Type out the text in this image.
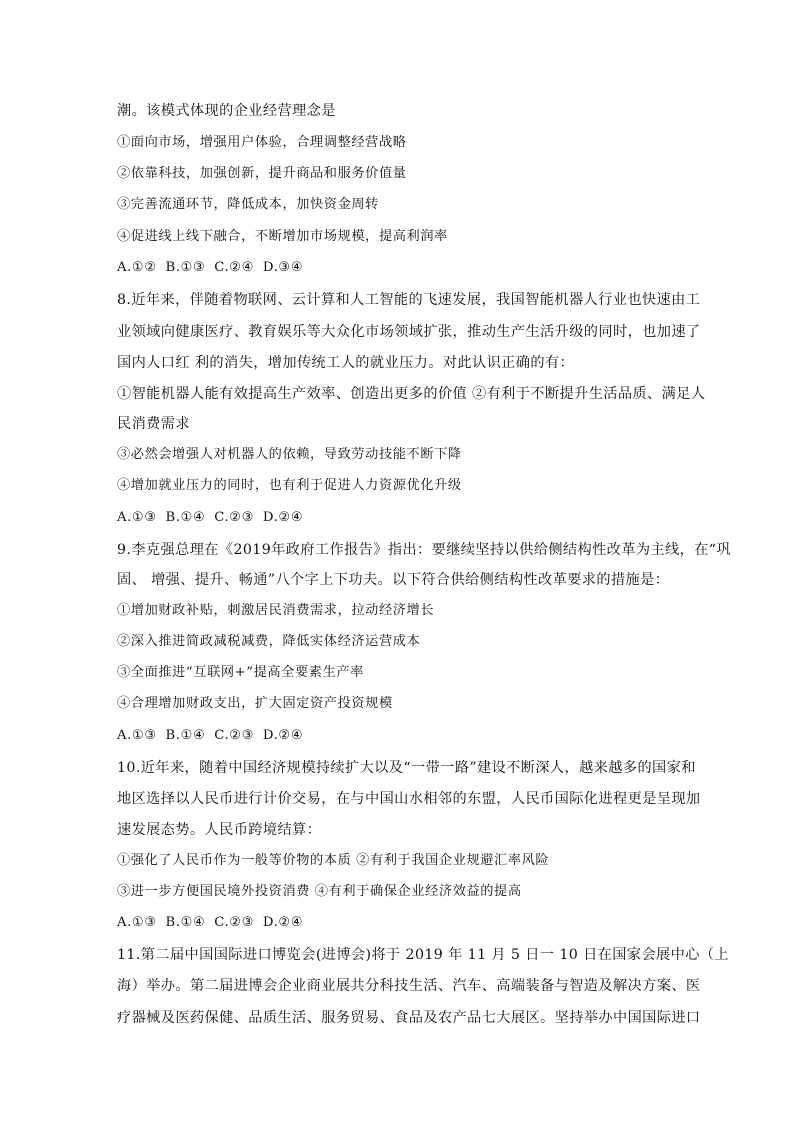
潮。该模式体现的企业经营理念是
①面向市场，增强用户体验，合理调整经营战略
②依靠科技，加强创新，提升商品和服务价值量
③完善流通环节，降低成本，加快资金周转
④促进线上线下融合，不断增加市场规模，提高利润率
A.①② B.①③ C.②④ D.③④
8.近年来，伴随着物联网、云计算和人工智能的飞速发展，我国智能机器人行业也快速由工
业领域向健康医疗、教育娱乐等大众化市场领域扩张，推动生产生活升级的同时，也加速了
国内人口红 利的消失，增加传统工人的就业压力。对此认识正确的有：
①智能机器人能有效提高生产效率、创造出更多的价值 ②有利于不断提升生活品质、满足人
民消费需求
③必然会增强人对机器人的依赖，导致劳动技能不断下降
④增加就业压力的同时，也有利于促进人力资源优化升级
A.①③ B.①④ C.②③ D.②④
9.李克强总理在《2019年政府工作报告》指出：要继续坚持以供给侧结构性改革为主线，在“巩
固、 增强、提升、畅通”八个字上下功夫。以下符合供给侧结构性改革要求的措施是：
①增加财政补贴，刺激居民消费需求，拉动经济增长
②深入推进简政减税减费，降低实体经济运营成本
③全面推进“互联网+”提高全要素生产率
④合理增加财政支出，扩大固定资产投资规模
A.①③ B.①④ C.②③ D.②④
10.近年来，随着中国经济规模持续扩大以及“一带一路”建设不断深人，越来越多的国家和
地区选择以人民币进行计价交易，在与中国山水相邻的东盟，人民币国际化进程更是呈现加
速发展态势。人民币跨境结算：
①强化了人民币作为一般等价物的本质 ②有利于我国企业规避汇率风险
③进一步方便国民境外投资消费 ④有利于确保企业经济效益的提高
A.①③ B.①④ C.②③ D.②④
11.第二届中国国际进口博览会(进博会)将于 2019 年 11 月 5 日一 10 日在国家会展中心（上
海）举办。第二届进博会企业商业展共分科技生活、汽车、高端装备与智造及解决方案、医
疗器械及医药保健、品质生活、服务贸易、食品及农产品七大展区。坚持举办中国国际进口
